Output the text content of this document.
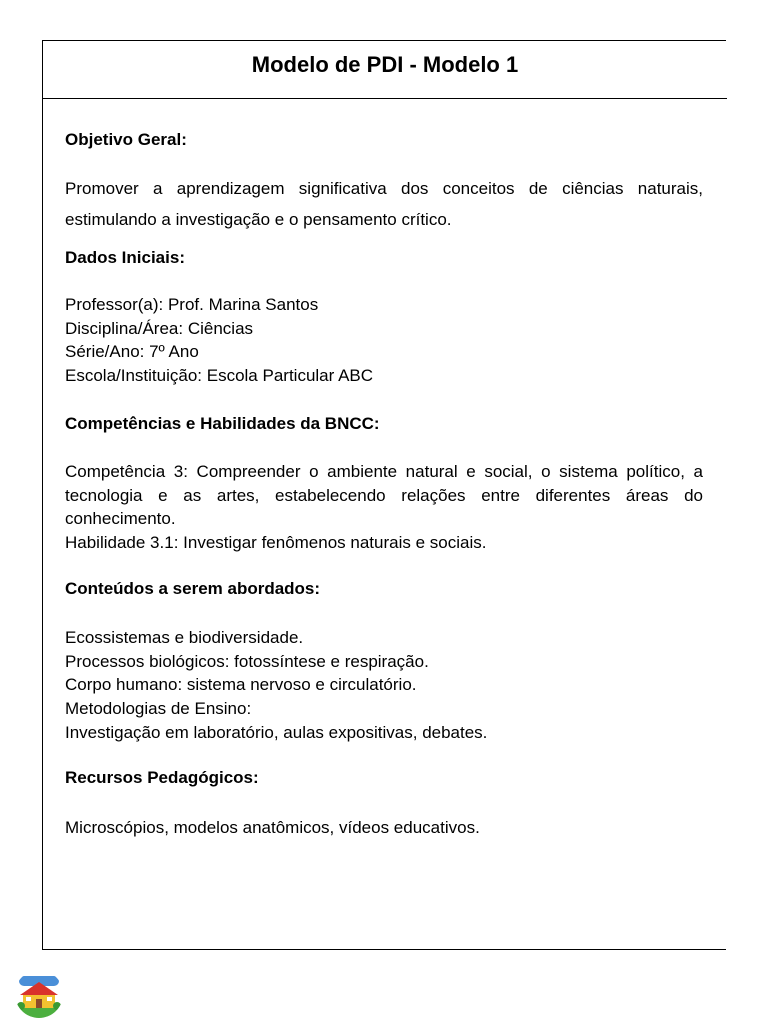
Modelo de PDI - Modelo 1
Objetivo Geral:
Promover a aprendizagem significativa dos conceitos de ciências naturais, estimulando a investigação e o pensamento crítico.
Dados Iniciais:
Professor(a): Prof. Marina Santos
Disciplina/Área: Ciências
Série/Ano: 7º Ano
Escola/Instituição: Escola Particular ABC
Competências e Habilidades da BNCC:
Competência 3: Compreender o ambiente natural e social, o sistema político, a tecnologia e as artes, estabelecendo relações entre diferentes áreas do conhecimento.
Habilidade 3.1: Investigar fenômenos naturais e sociais.
Conteúdos a serem abordados:
Ecossistemas e biodiversidade.
Processos biológicos: fotossíntese e respiração.
Corpo humano: sistema nervoso e circulatório.
Metodologias de Ensino:
Investigação em laboratório, aulas expositivas, debates.
Recursos Pedagógicos:
Microscópios, modelos anatômicos, vídeos educativos.
